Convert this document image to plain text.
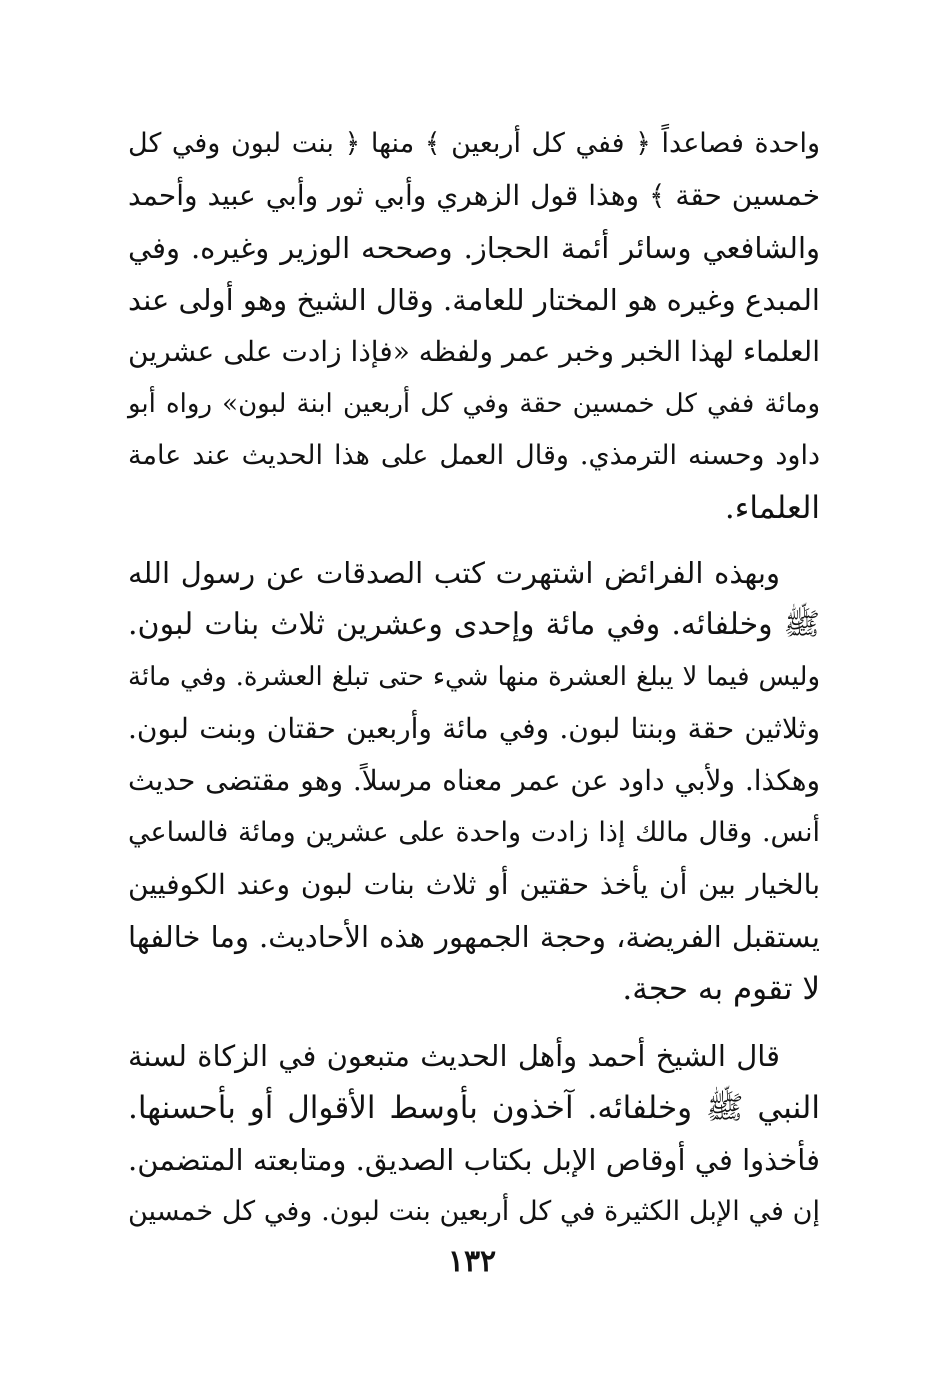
واحدة فصاعداً ﴿ ففي كل أربعين ﴾ منها ﴿ بنت لبون وفي كل
خمسين حقة ﴾ وهذا قول الزهري وأبي ثور وأبي عبيد وأحمد
والشافعي وسائر أئمة الحجاز. وصححه الوزير وغيره. وفي
المبدع وغيره هو المختار للعامة. وقال الشيخ وهو أولى عند
العلماء لهذا الخبر وخبر عمر ولفظه «فإذا زادت على عشرين
ومائة ففي كل خمسين حقة وفي كل أربعين ابنة لبون» رواه أبو
داود وحسنه الترمذي. وقال العمل على هذا الحديث عند عامة
العلماء.
وبهذه الفرائض اشتهرت كتب الصدقات عن رسول الله
ﷺ وخلفائه. وفي مائة وإحدى وعشرين ثلاث بنات لبون.
وليس فيما لا يبلغ العشرة منها شيء حتى تبلغ العشرة. وفي مائة
وثلاثين حقة وبنتا لبون. وفي مائة وأربعين حقتان وبنت لبون.
وهكذا. ولأبي داود عن عمر معناه مرسلاً. وهو مقتضى حديث
أنس. وقال مالك إذا زادت واحدة على عشرين ومائة فالساعي
بالخيار بين أن يأخذ حقتين أو ثلاث بنات لبون وعند الكوفيين
يستقبل الفريضة، وحجة الجمهور هذه الأحاديث. وما خالفها
لا تقوم به حجة.
قال الشيخ أحمد وأهل الحديث متبعون في الزكاة لسنة
النبي ﷺ وخلفائه. آخذون بأوسط الأقوال أو بأحسنها.
فأخذوا في أوقاص الإبل بكتاب الصديق. ومتابعته المتضمن.
إن في الإبل الكثيرة في كل أربعين بنت لبون. وفي كل خمسين
١٣٢
